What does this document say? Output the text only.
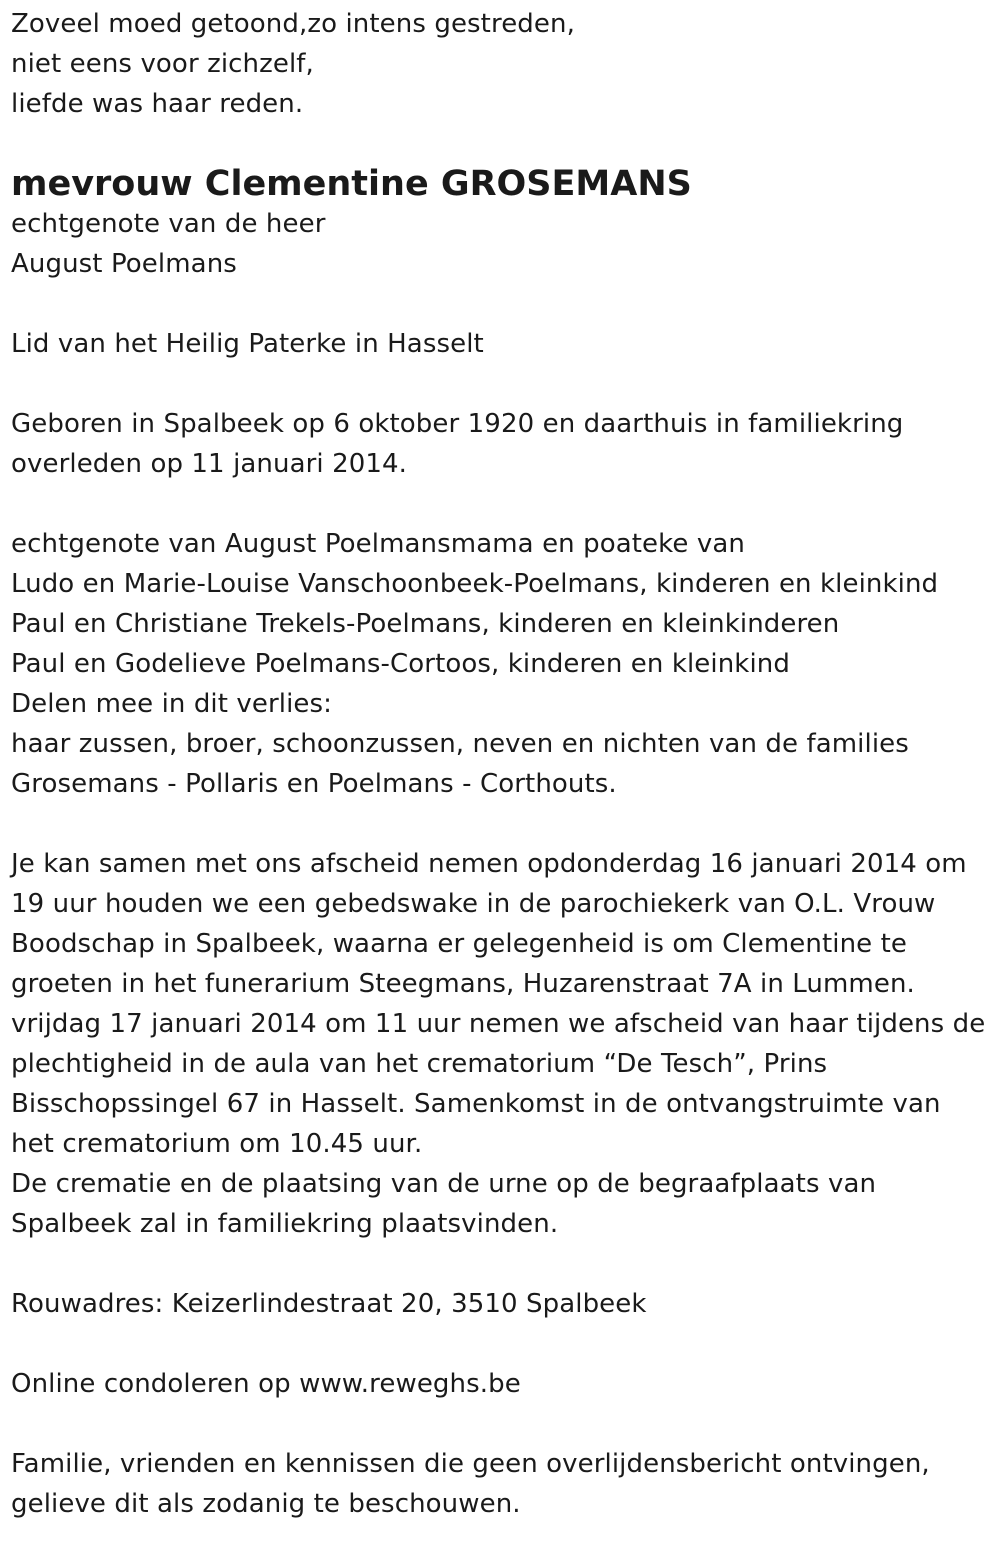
Zoveel moed getoond,zo intens gestreden,
niet eens voor zichzelf,
liefde was haar reden.
mevrouw Clementine GROSEMANS
echtgenote van de heer
August Poelmans
Lid van het Heilig Paterke in Hasselt
Geboren in Spalbeek op 6 oktober 1920 en daarthuis in familiekring
overleden op 11 januari 2014.
echtgenote van August Poelmansmama en poateke van
Ludo en Marie-Louise Vanschoonbeek-Poelmans, kinderen en kleinkind
Paul en Christiane Trekels-Poelmans, kinderen en kleinkinderen
Paul en Godelieve Poelmans-Cortoos, kinderen en kleinkind
Delen mee in dit verlies:
haar zussen, broer, schoonzussen, neven en nichten van de families
Grosemans - Pollaris en Poelmans - Corthouts.
Je kan samen met ons afscheid nemen opdonderdag 16 januari 2014 om
19 uur houden we een gebedswake in de parochiekerk van O.L. Vrouw
Boodschap in Spalbeek, waarna er gelegenheid is om Clementine te
groeten in het funerarium Steegmans, Huzarenstraat 7A in Lummen.
vrijdag 17 januari 2014 om 11 uur nemen we afscheid van haar tijdens de
plechtigheid in de aula van het crematorium “De Tesch”, Prins
Bisschopssingel 67 in Hasselt. Samenkomst in de ontvangstruimte van
het crematorium om 10.45 uur.
De crematie en de plaatsing van de urne op de begraafplaats van
Spalbeek zal in familiekring plaatsvinden.
Rouwadres: Keizerlindestraat 20, 3510 Spalbeek
Online condoleren op www.reweghs.be
Familie, vrienden en kennissen die geen overlijdensbericht ontvingen,
gelieve dit als zodanig te beschouwen.
